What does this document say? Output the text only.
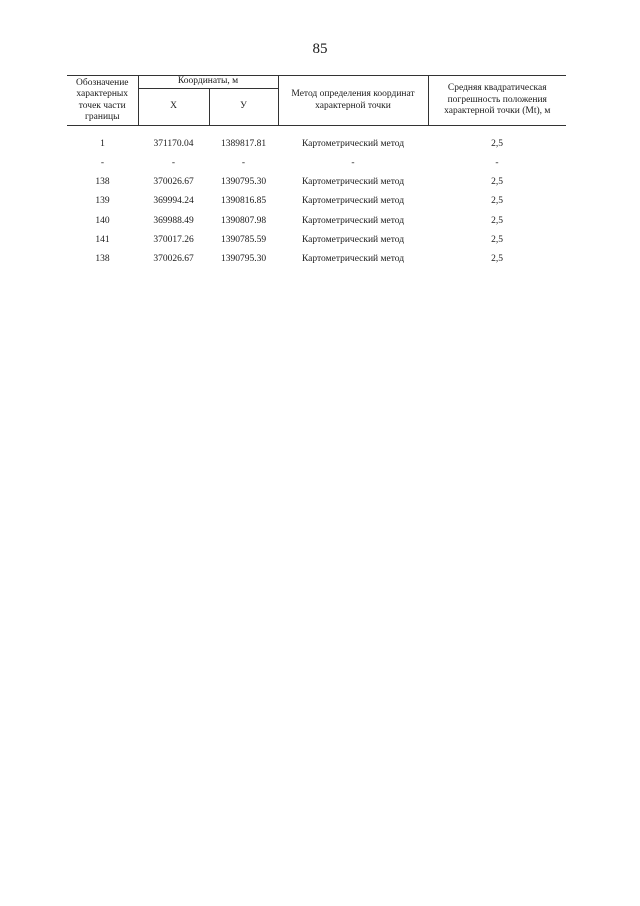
85
Обозначение характерных точек части границы	Координаты, м		Метод определения координат характерной точки	Средняя квадратическая погрешность положения характерной точки (Mt), м
	X	У		
1	371170.04	1389817.81	Картометрический метод	2,5
-	-	-	-	-
138	370026.67	1390795.30	Картометрический метод	2,5
139	369994.24	1390816.85	Картометрический метод	2,5
140	369988.49	1390807.98	Картометрический метод	2,5
141	370017.26	1390785.59	Картометрический метод	2,5
138	370026.67	1390795.30	Картометрический метод	2,5
